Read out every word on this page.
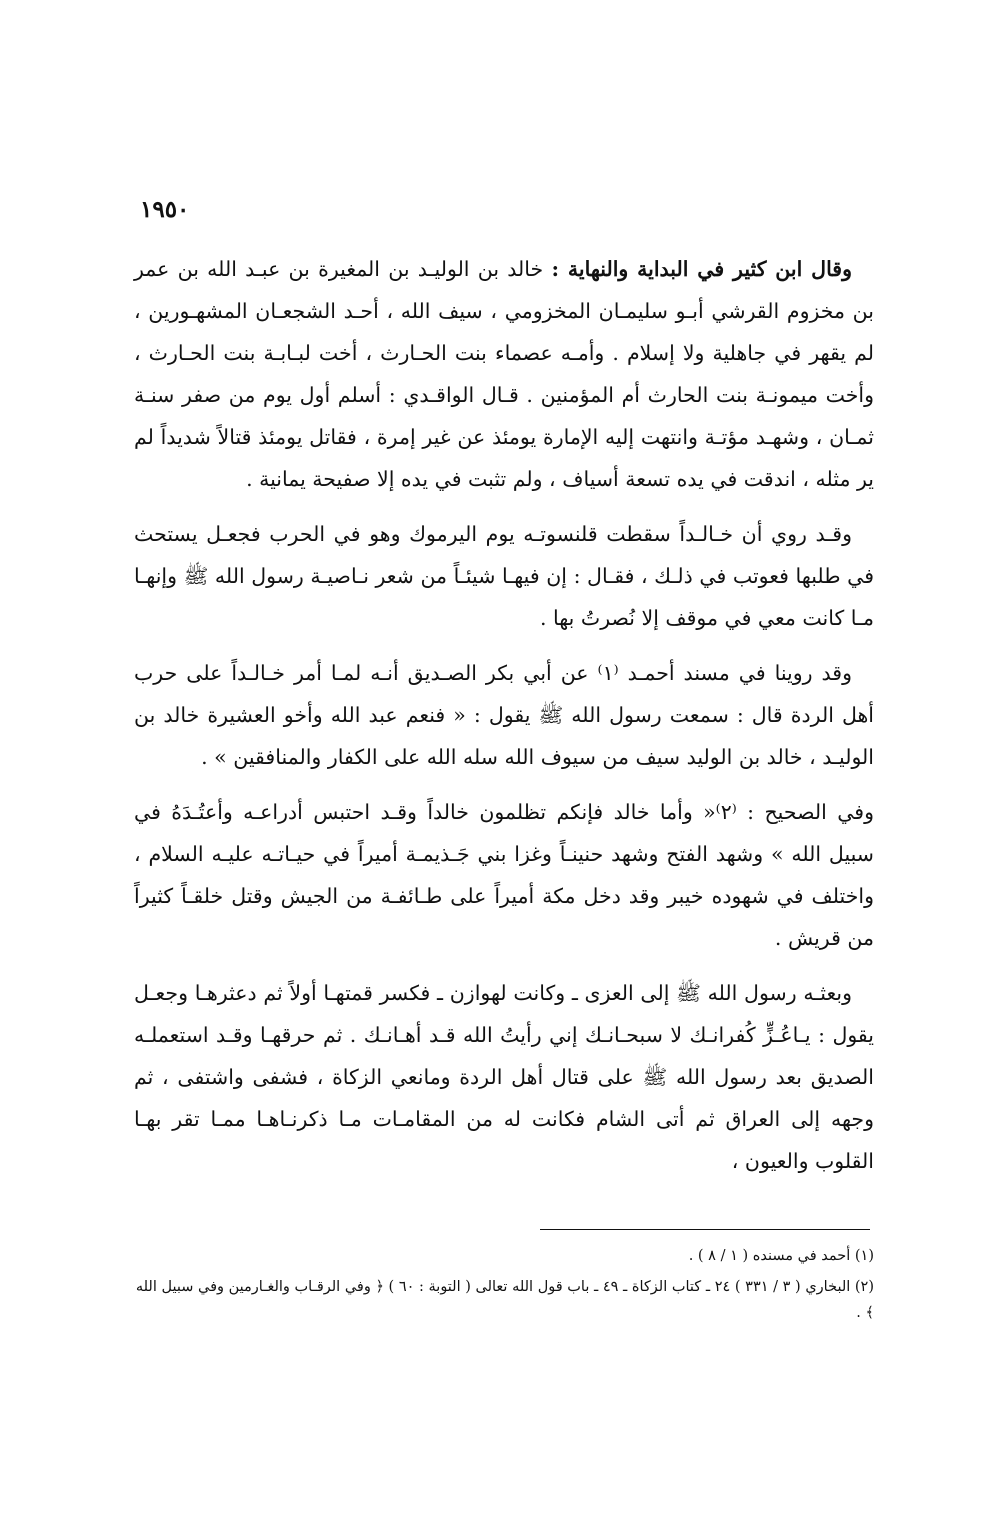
١٩٥٠

وقال ابن كثير في البداية والنهاية : خالد بن الوليـد بن المغيرة بن عبـد الله بن عمر بن مخزوم القرشي أبـو سليمـان المخزومي ، سيف الله ، أحـد الشجعـان المشهـورين ، لم يقهر في جاهلية ولا إسلام . وأمـه عصماء بنت الحـارث ، أخت لبـابـة بنت الحـارث ، وأخت ميمونـة بنت الحارث أم المؤمنين . قـال الواقـدي : أسلم أول يوم من صفر سنـة ثمـان ، وشهـد مؤتـة وانتهت إليه الإمارة يومئذ عن غير إمرة ، فقاتل يومئذ قتالاً شديداً لم ير مثله ، اندقت في يده تسعة أسياف ، ولم تثبت في يده إلا صفيحة يمانية .

وقـد روي أن خـالـداً سقطت قلنسوتـه يوم اليرموك وهو في الحرب فجعـل يستحث في طلبها فعوتب في ذلـك ، فقـال : إن فيهـا شيئـاً من شعر نـاصيـة رسول الله ﷺ وإنهـا مـا كانت معي في موقف إلا نُصرتُ بها .

وقد روينا في مسند أحمـد ⁽١⁾ عن أبي بكر الصـديق أنـه لمـا أمر خـالـداً على حرب أهل الردة قال : سمعت رسول الله ﷺ يقول : « فنعم عبد الله وأخو العشيرة خالد بن الوليـد ، خالد بن الوليد سيف من سيوف الله سله الله على الكفار والمنافقين » .

وفي الصحيح : ⁽٢⁾« وأما خالد فإنكم تظلمون خالداً وقـد احتبس أدراعـه وأعتُـدَهُ في سبيل الله » وشهد الفتح وشهد حنينـاً وغزا بني جَـذيمـة أميراً في حيـاتـه عليـه السلام ، واختلف في شهوده خيبر وقد دخل مكة أميراً على طـائفـة من الجيش وقتل خلقـاً كثيراً من قريش .

وبعثـه رسول الله ﷺ إلى العزى ـ وكانت لهوازن ـ فكسر قمتهـا أولاً ثم دعثرهـا وجعـل يقول : يـاعُـزٍّ كُفرانـك لا سبحـانـك إني رأيتُ الله قـد أهـانـك . ثم حرقهـا وقـد استعملـه الصديق بعد رسول الله ﷺ على قتال أهل الردة ومانعي الزكاة ، فشفى واشتفى ، ثم وجهه إلى العراق ثم أتى الشام فكانت له من المقامـات مـا ذكرنـاهـا ممـا تقر بهـا القلوب والعيون ،

(١) أحمد في مسنده ( ١ / ٨ ) .

(٢) البخاري ( ٣ / ٣٣١ ) ٢٤ ـ كتاب الزكاة ـ ٤٩ ـ باب قول الله تعالى ( التوبة : ٦٠ ) ﴿ وفي الرقـاب والغـارمين وفي سبيل الله ﴾ .
